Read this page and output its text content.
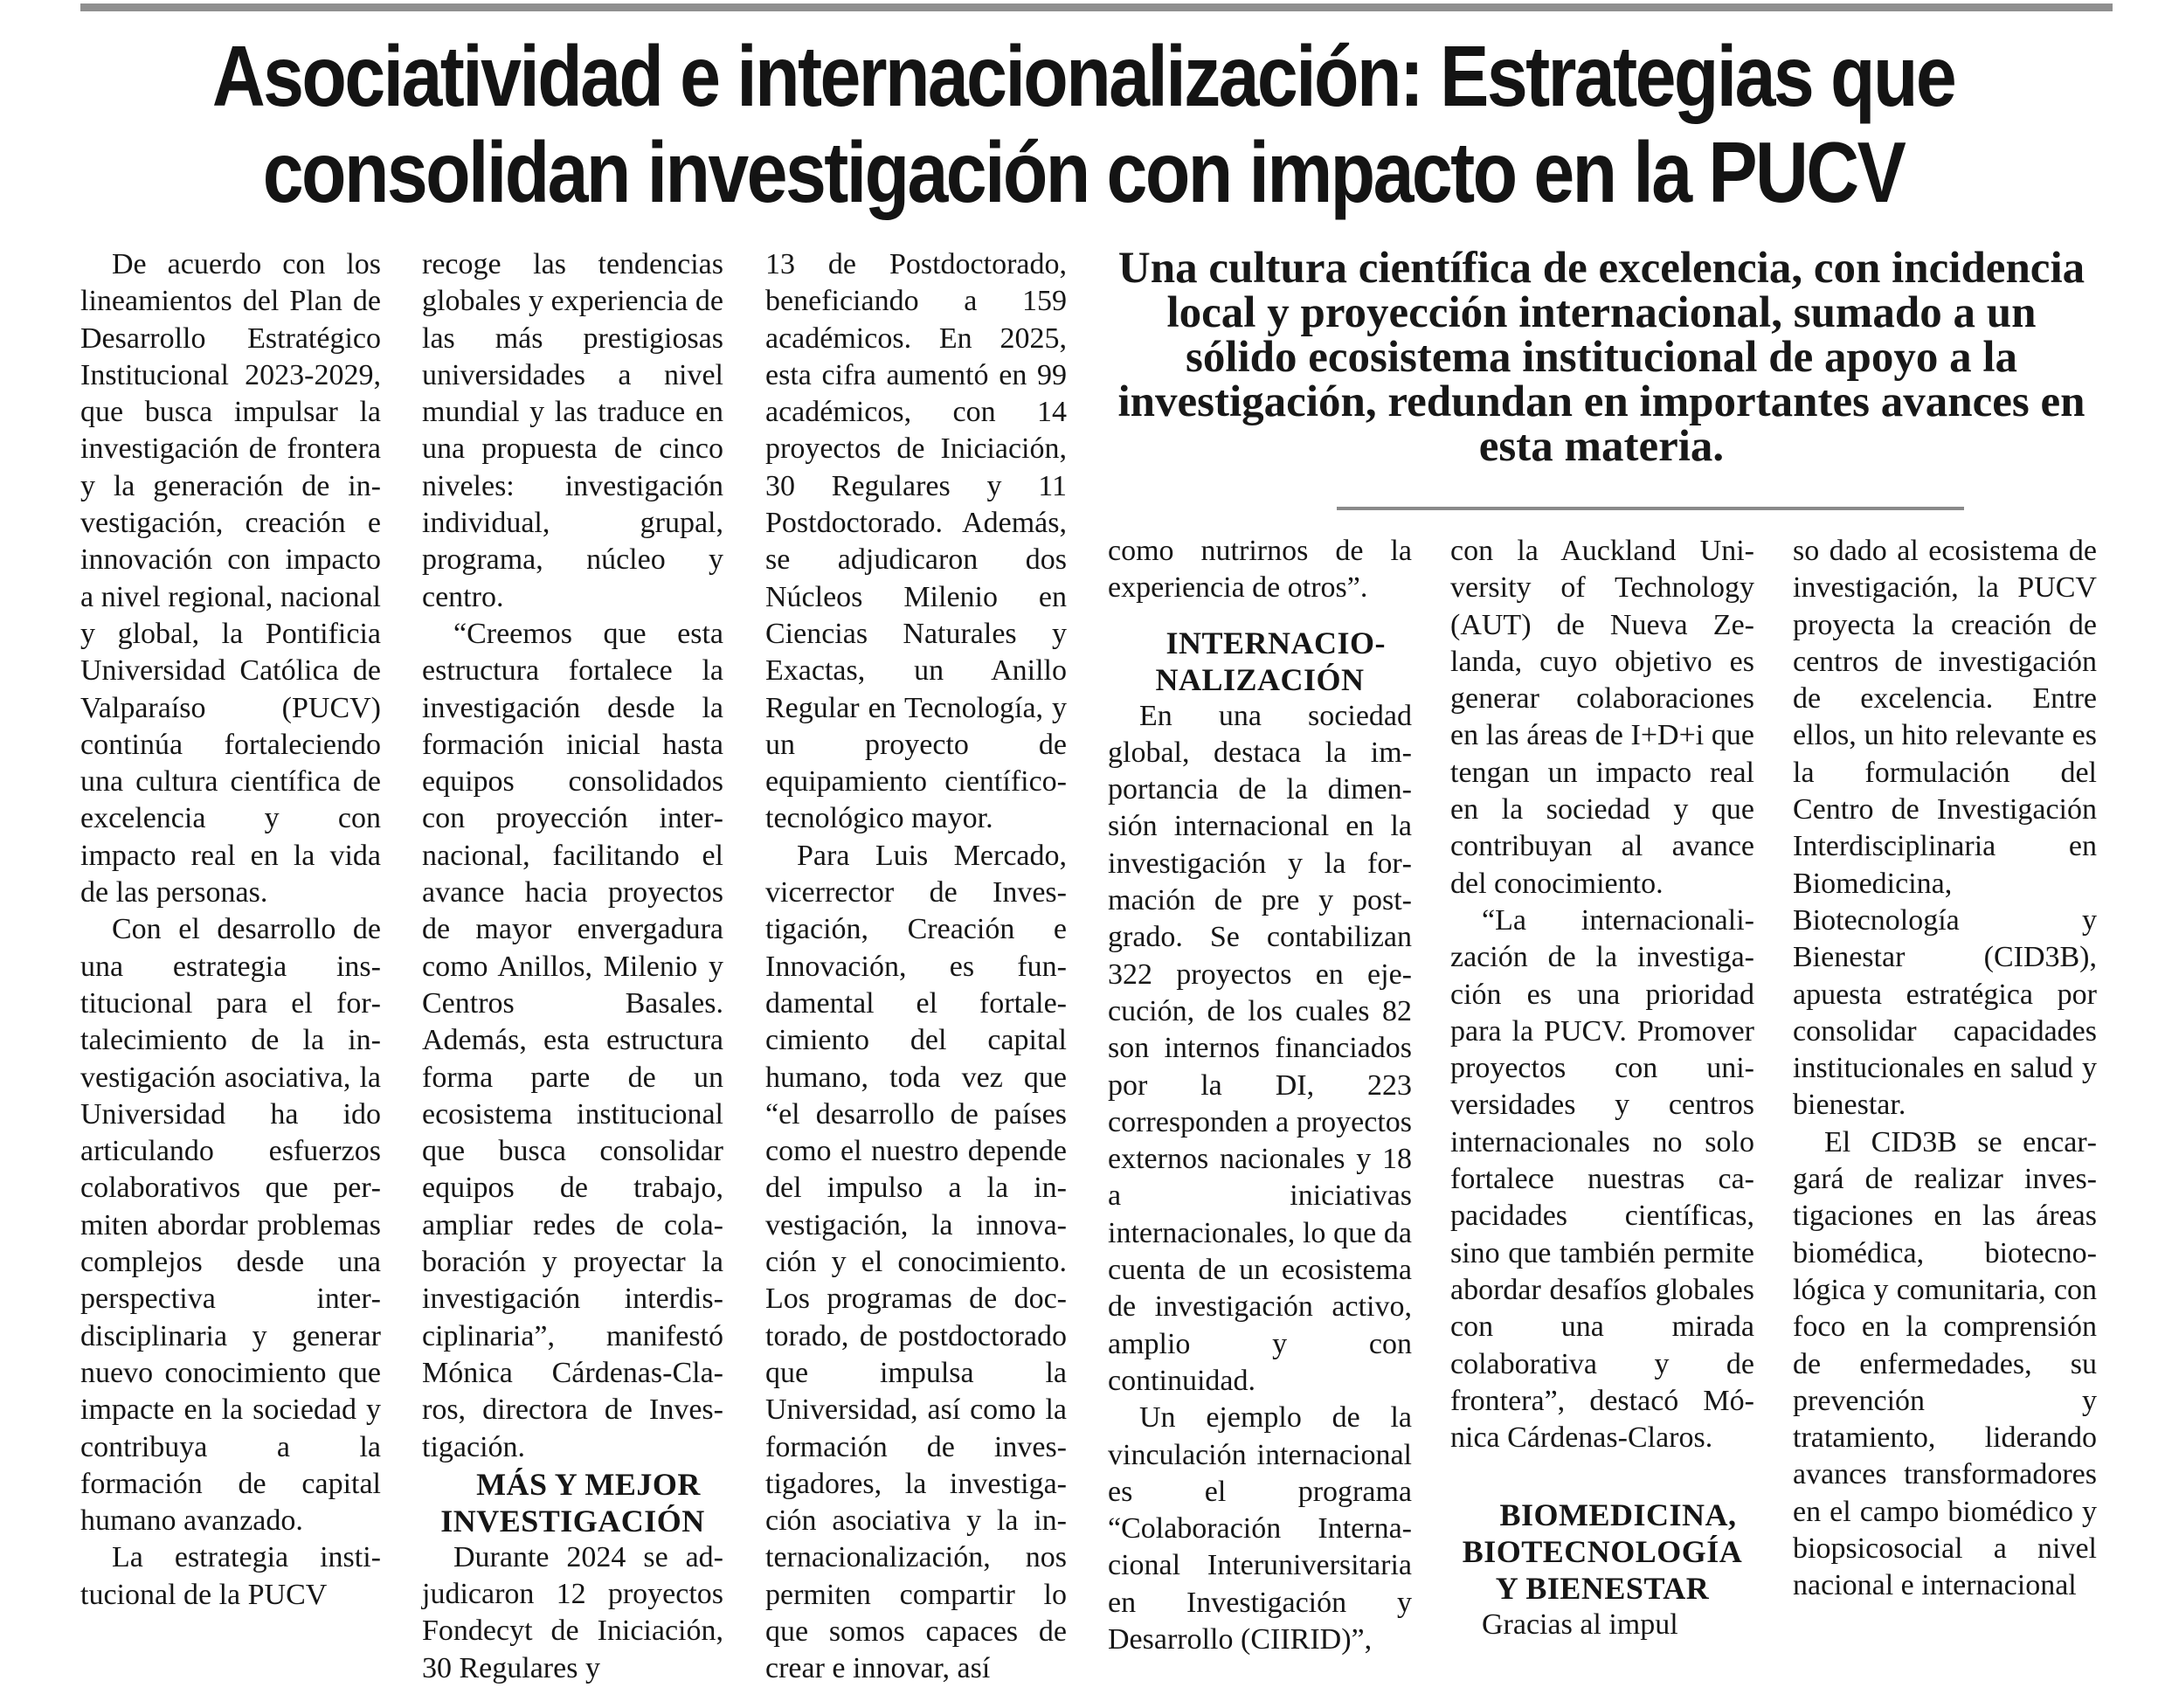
Asociatividad e internacionalización: Estrategias que
consolidan investigación con impacto en la PUCV

De acuerdo con los lineamientos del Plan de Desarrollo Estratégico Institucional 2023-2029, que busca impulsar la investigación de frontera y la generación de investigación, creación e innovación con impacto a nivel regional, nacional y global, la Pontificia Universidad Católica de Valparaíso (PUCV) continúa fortaleciendo una cultura científica de excelencia y con impacto real en la vida de las personas.

Con el desarrollo de una estrategia institucional para el fortalecimiento de la investigación asociativa, la Universidad ha ido articulando esfuerzos colaborativos que permiten abordar problemas complejos desde una perspectiva interdisciplinaria y generar nuevo conocimiento que impacte en la sociedad y contribuya a la formación de capital humano avanzado.

La estrategia institucional de la PUCV

recoge las tendencias globales y experiencia de las más prestigiosas universidades a nivel mundial y las traduce en una propuesta de cinco niveles: investigación individual, grupal, programa, núcleo y centro.

“Creemos que esta estructura fortalece la investigación desde la formación inicial hasta equipos consolidados con proyección internacional, facilitando el avance hacia proyectos de mayor envergadura como Anillos, Milenio y Centros Basales. Además, esta estructura forma parte de un ecosistema institucional que busca consolidar equipos de trabajo, ampliar redes de colaboración y proyectar la investigación interdisciplinaria”, manifestó Mónica Cárdenas-Claros, directora de Investigación.

MÁS Y MEJOR INVESTIGACIÓN

Durante 2024 se adjudicaron 12 proyectos Fondecyt de Iniciación, 30 Regulares y

13 de Postdoctorado, beneficiando a 159 académicos. En 2025, esta cifra aumentó en 99 académicos, con 14 proyectos de Iniciación, 30 Regulares y 11 Postdoctorado. Además, se adjudicaron dos Núcleos Milenio en Ciencias Naturales y Exactas, un Anillo Regular en Tecnología, y un proyecto de equipamiento científico-tecnológico mayor.

Para Luis Mercado, vicerrector de Investigación, Creación e Innovación, es fundamental el fortalecimiento del capital humano, toda vez que “el desarrollo de países como el nuestro depende del impulso a la investigación, la innovación y el conocimiento. Los programas de doctorado, de postdoctorado que impulsa la Universidad, así como la formación de investigadores, la investigación asociativa y la internacionalización, nos permiten compartir lo que somos capaces de crear e innovar, así

Una cultura científica de excelencia, con incidencia local y proyección internacional, sumado a un sólido ecosistema institucional de apoyo a la investigación, redundan en importantes avances en esta materia.

como nutrirnos de la experiencia de otros”.

INTERNACIONALIZACIÓN

En una sociedad global, destaca la importancia de la dimensión internacional en la investigación y la formación de pre y postgrado. Se contabilizan 322 proyectos en ejecución, de los cuales 82 son internos financiados por la DI, 223 corresponden a proyectos externos nacionales y 18 a iniciativas internacionales, lo que da cuenta de un ecosistema de investigación activo, amplio y con continuidad.

Un ejemplo de la vinculación internacional es el programa “Colaboración Internacional Interuniversitaria en Investigación y Desarrollo (CIIRID)”,

con la Auckland University of Technology (AUT) de Nueva Zelanda, cuyo objetivo es generar colaboraciones en las áreas de I+D+i que tengan un impacto real en la sociedad y que contribuyan al avance del conocimiento.

“La internacionalización de la investigación es una prioridad para la PUCV. Promover proyectos con universidades y centros internacionales no solo fortalece nuestras capacidades científicas, sino que también permite abordar desafíos globales con una mirada colaborativa y de frontera”, destacó Mónica Cárdenas-Claros.

BIOMEDICINA, BIOTECNOLOGÍA Y BIENESTAR

Gracias al impul

so dado al ecosistema de investigación, la PUCV proyecta la creación de centros de investigación de excelencia. Entre ellos, un hito relevante es la formulación del Centro de Investigación Interdisciplinaria en Biomedicina, Biotecnología y Bienestar (CID3B), apuesta estratégica por consolidar capacidades institucionales en salud y bienestar.

El CID3B se encargará de realizar investigaciones en las áreas biomédica, biotecnológica y comunitaria, con foco en la comprensión de enfermedades, su prevención y tratamiento, liderando avances transformadores en el campo biomédico y biopsicosocial a nivel nacional e internacional
